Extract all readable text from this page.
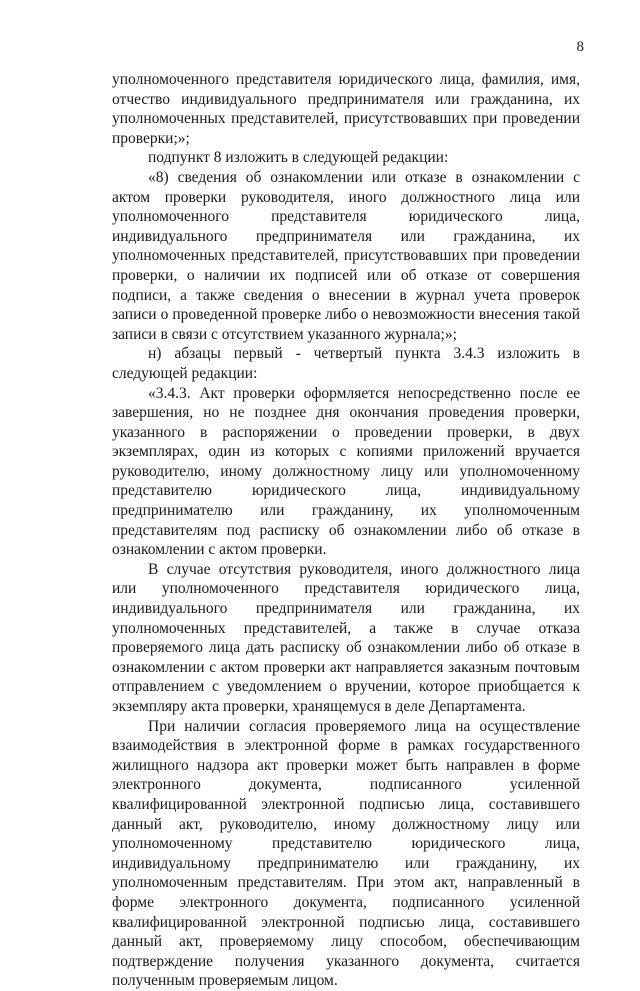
8

уполномоченного представителя юридического лица, фамилия, имя, отчество индивидуального предпринимателя или гражданина, их уполномоченных представителей, присутствовавших при проведении проверки;»;

подпункт 8 изложить в следующей редакции:

«8) сведения об ознакомлении или отказе в ознакомлении с актом проверки руководителя, иного должностного лица или уполномоченного представителя юридического лица, индивидуального предпринимателя или гражданина, их уполномоченных представителей, присутствовавших при проведении проверки, о наличии их подписей или об отказе от совершения подписи, а также сведения о внесении в журнал учета проверок записи о проведенной проверке либо о невозможности внесения такой записи в связи с отсутствием указанного журнала;»;

н) абзацы первый - четвертый пункта 3.4.3 изложить в следующей редакции:

«3.4.3. Акт проверки оформляется непосредственно после ее завершения, но не позднее дня окончания проведения проверки, указанного в распоряжении о проведении проверки, в двух экземплярах, один из которых с копиями приложений вручается руководителю, иному должностному лицу или уполномоченному представителю юридического лица, индивидуальному предпринимателю или гражданину, их уполномоченным представителям под расписку об ознакомлении либо об отказе в ознакомлении с актом проверки.

В случае отсутствия руководителя, иного должностного лица или уполномоченного представителя юридического лица, индивидуального предпринимателя или гражданина, их уполномоченных представителей, а также в случае отказа проверяемого лица дать расписку об ознакомлении либо об отказе в ознакомлении с актом проверки акт направляется заказным почтовым отправлением с уведомлением о вручении, которое приобщается к экземпляру акта проверки, хранящемуся в деле Департамента.

При наличии согласия проверяемого лица на осуществление взаимодействия в электронной форме в рамках государственного жилищного надзора акт проверки может быть направлен в форме электронного документа, подписанного усиленной квалифицированной электронной подписью лица, составившего данный акт, руководителю, иному должностному лицу или уполномоченному представителю юридического лица, индивидуальному предпринимателю или гражданину, их уполномоченным представителям. При этом акт, направленный в форме электронного документа, подписанного усиленной квалифицированной электронной подписью лица, составившего данный акт, проверяемому лицу способом, обеспечивающим подтверждение получения указанного документа, считается полученным проверяемым лицом.
